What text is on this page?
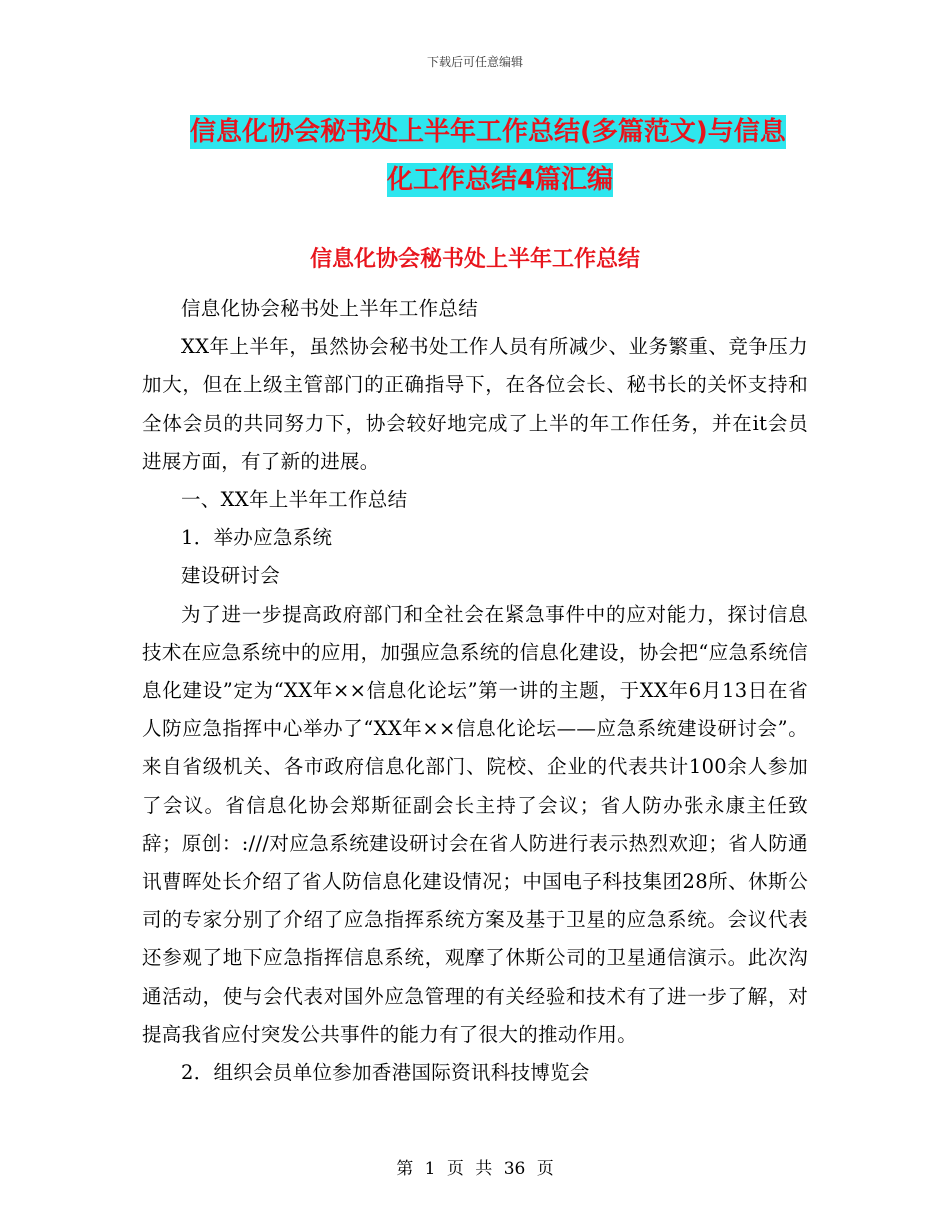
下载后可任意编辑
信息化协会秘书处上半年工作总结(多篇范文)与信息
化工作总结4篇汇编
信息化协会秘书处上半年工作总结

信息化协会秘书处上半年工作总结

XX年上半年，虽然协会秘书处工作人员有所减少、业务繁重、竞争压力加大，但在上级主管部门的正确指导下，在各位会长、秘书长的关怀支持和全体会员的共同努力下，协会较好地完成了上半的年工作任务，并在it会员进展方面，有了新的进展。

一、XX年上半年工作总结

1．举办应急系统

建设研讨会

为了进一步提高政府部门和全社会在紧急事件中的应对能力，探讨信息技术在应急系统中的应用，加强应急系统的信息化建设，协会把“应急系统信息化建设”定为“XX年××信息化论坛”第一讲的主题，于XX年6月13日在省人防应急指挥中心举办了“XX年××信息化论坛——应急系统建设研讨会”。来自省级机关、各市政府信息化部门、院校、企业的代表共计100余人参加了会议。省信息化协会郑斯征副会长主持了会议；省人防办张永康主任致辞；原创：:///对应急系统建设研讨会在省人防进行表示热烈欢迎；省人防通讯曹晖处长介绍了省人防信息化建设情况；中国电子科技集团28所、休斯公司的专家分别了介绍了应急指挥系统方案及基于卫星的应急系统。会议代表还参观了地下应急指挥信息系统，观摩了休斯公司的卫星通信演示。此次沟通活动，使与会代表对国外应急管理的有关经验和技术有了进一步了解，对提高我省应付突发公共事件的能力有了很大的推动作用。

2．组织会员单位参加香港国际资讯科技博览会

第 1 页 共 36 页
